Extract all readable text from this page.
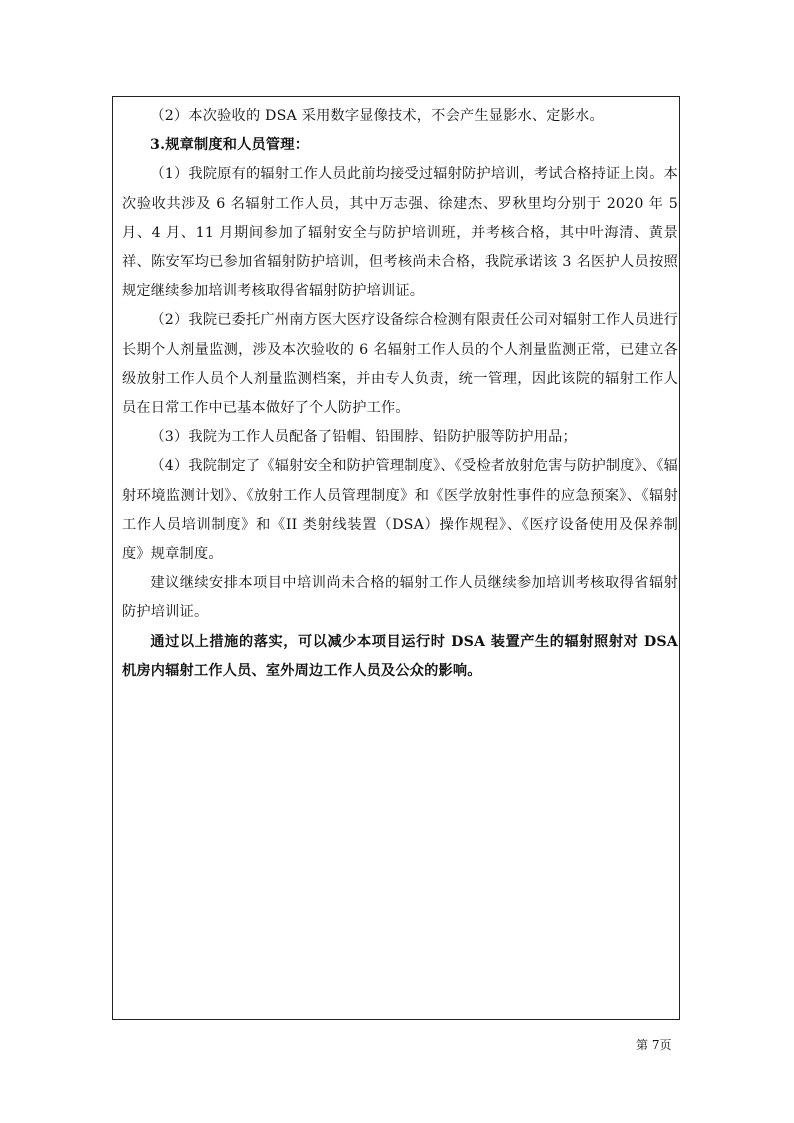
（2）本次验收的 DSA 采用数字显像技术，不会产生显影水、定影水。

3.规章制度和人员管理：

（1）我院原有的辐射工作人员此前均接受过辐射防护培训，考试合格持证上岗。本次验收共涉及 6 名辐射工作人员，其中万志强、徐建杰、罗秋里均分别于 2020 年 5 月、4 月、11 月期间参加了辐射安全与防护培训班，并考核合格，其中叶海清、黄景祥、陈安军均已参加省辐射防护培训，但考核尚未合格，我院承诺该 3 名医护人员按照规定继续参加培训考核取得省辐射防护培训证。

（2）我院已委托广州南方医大医疗设备综合检测有限责任公司对辐射工作人员进行长期个人剂量监测，涉及本次验收的 6 名辐射工作人员的个人剂量监测正常，已建立各级放射工作人员个人剂量监测档案，并由专人负责，统一管理，因此该院的辐射工作人员在日常工作中已基本做好了个人防护工作。

（3）我院为工作人员配备了铅帽、铅围脖、铅防护服等防护用品；

（4）我院制定了《辐射安全和防护管理制度》、《受检者放射危害与防护制度》、《辐射环境监测计划》、《放射工作人员管理制度》和《医学放射性事件的应急预案》、《辐射工作人员培训制度》和《II 类射线装置（DSA）操作规程》、《医疗设备使用及保养制度》规章制度。

建议继续安排本项目中培训尚未合格的辐射工作人员继续参加培训考核取得省辐射防护培训证。

通过以上措施的落实，可以减少本项目运行时 DSA 装置产生的辐射照射对 DSA 机房内辐射工作人员、室外周边工作人员及公众的影响。

第 7页
